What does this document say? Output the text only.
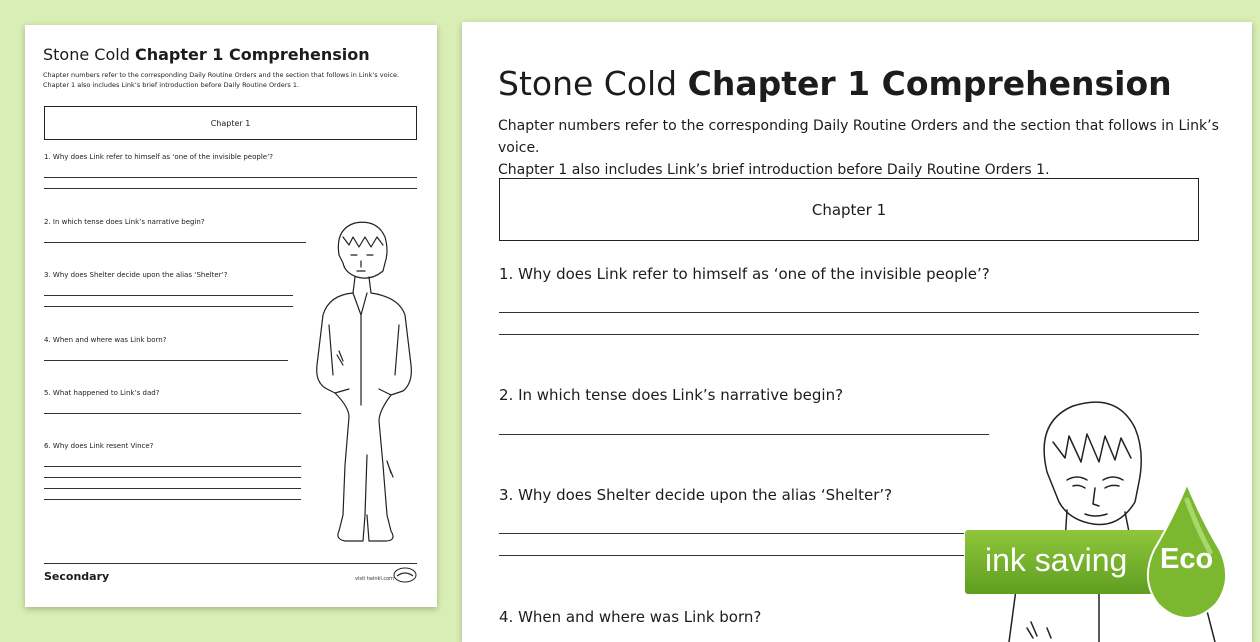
Stone Cold Chapter 1 Comprehension
Chapter numbers refer to the corresponding Daily Routine Orders and the section that follows in Link’s voice.
Chapter 1 also includes Link’s brief introduction before Daily Routine Orders 1.
Chapter 1
1. Why does Link refer to himself as ‘one of the invisible people’?
2. In which tense does Link’s narrative begin?
3. Why does Shelter decide upon the alias ‘Shelter’?
4. When and where was Link born?
5. What happened to Link’s dad?
6. Why does Link resent Vince?
Secondary	visit twinkl.com
Stone Cold Chapter 1 Comprehension
Chapter numbers refer to the corresponding Daily Routine Orders and the section that follows in Link’s voice.
Chapter 1 also includes Link’s brief introduction before Daily Routine Orders 1.
Chapter 1
1. Why does Link refer to himself as ‘one of the invisible people’?
2. In which tense does Link’s narrative begin?
3. Why does Shelter decide upon the alias ‘Shelter’?
4. When and where was Link born?
ink saving Eco
